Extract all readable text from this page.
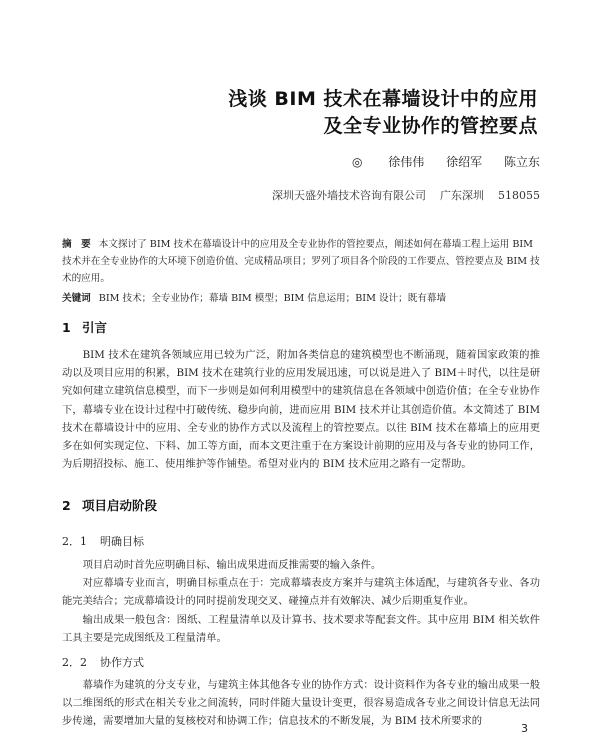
浅谈 BIM 技术在幕墙设计中的应用
及全专业协作的管控要点
◎ 徐伟伟 徐绍军 陈立东
深圳天盛外墙技术咨询有限公司 广东深圳 518055
摘　要 本文探讨了 BIM 技术在幕墙设计中的应用及全专业协作的管控要点，阐述如何在幕墙工程上运用 BIM 技术并在全专业协作的大环境下创造价值、完成精品项目；罗列了项目各个阶段的工作要点、管控要点及 BIM 技术的应用。
关键词 BIM 技术；全专业协作；幕墙 BIM 模型；BIM 信息运用；BIM 设计；既有幕墙
1 引言

BIM 技术在建筑各领域应用已较为广泛，附加各类信息的建筑模型也不断涌现，随着国家政策的推动以及项目应用的积累，BIM 技术在建筑行业的应用发展迅速，可以说是进入了 BIM＋时代，以往是研究如何建立建筑信息模型，而下一步则是如何利用模型中的建筑信息在各领域中创造价值；在全专业协作下，幕墙专业在设计过程中打破传统、稳步向前，进而应用 BIM 技术并让其创造价值。本文简述了 BIM 技术在幕墙设计中的应用、全专业的协作方式以及流程上的管控要点。以往 BIM 技术在幕墙上的应用更多在如何实现定位、下料、加工等方面，而本文更注重于在方案设计前期的应用及与各专业的协同工作，为后期招投标、施工、使用维护等作铺垫。希望对业内的 BIM 技术应用之路有一定帮助。

2 项目启动阶段
2．1 明确目标

项目启动时首先应明确目标、输出成果进而反推需要的输入条件。

对应幕墙专业而言，明确目标重点在于：完成幕墙表皮方案并与建筑主体适配，与建筑各专业、各功能完美结合；完成幕墙设计的同时提前发现交叉、碰撞点并有效解决、减少后期重复作业。

输出成果一般包含：图纸、工程量清单以及计算书、技术要求等配套文件。其中应用 BIM 相关软件工具主要是完成图纸及工程量清单。

2．2 协作方式

幕墙作为建筑的分支专业，与建筑主体其他各专业的协作方式：设计资料作为各专业的输出成果一般以二维图纸的形式在相关专业之间流转，同时伴随大量设计变更，很容易造成各专业之间设计信息无法同步传递，需要增加大量的复核校对和协调工作；信息技术的不断发展，为 BIM 技术所要求的

3
